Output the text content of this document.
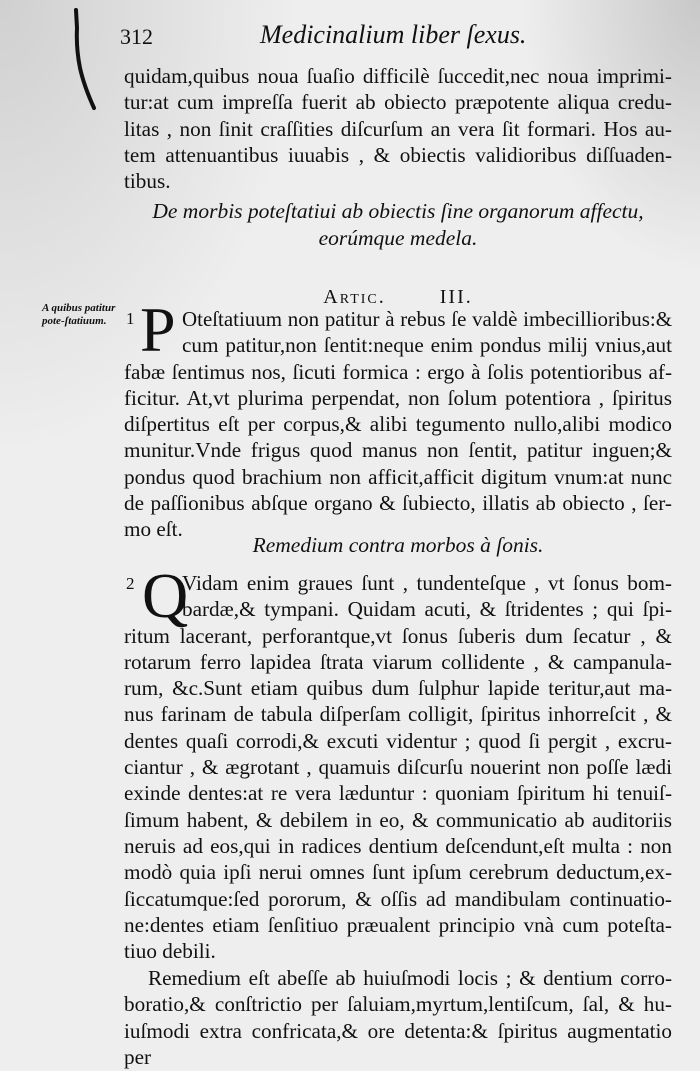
312	Medicinalium liber ſexus.
quidam,quibus noua ſuaſio difficilè ſuccedit,nec noua imprimi-
tur:at cum impreſſa fuerit ab obiecto præpotente aliqua credu-
litas , non ſinit craſſities diſcurſum an vera ſit formari. Hos au-
tem attenuantibus iuuabis , & obiectis validioribus diſſuaden-
tibus.
De morbis poteſtatiui ab obiectis ſine organorum affectu,
eorúmque medela.
Artic.	III.
A quibus patitur pote-ſtatiuum.	1 P Oteſtatiuum non patitur à rebus ſe valdè imbecillioribus:&
cum patitur,non ſentit:neque enim pondus milij vnius,aut
fabæ ſentimus nos, ſicuti formica : ergo à ſolis potentioribus af-
ficitur. At,vt plurima perpendat, non ſolum potentiora , ſpiritus
diſpertitus eſt per corpus,& alibi tegumento nullo,alibi modico
munitur.Vnde frigus quod manus non ſentit, patitur inguen;&
pondus quod brachium non afficit,afficit digitum vnum:at nunc
de paſſionibus abſque organo & ſubiecto, illatis ab obiecto , ſer-
mo eſt.
Remedium contra morbos à ſonis.
2 Q
Vidam enim graues ſunt , tundenteſque , vt ſonus bom-
bardæ,& tympani. Quidam acuti, & ſtridentes ; qui ſpi-
ritum lacerant, perforantque,vt ſonus ſuberis dum ſecatur , &
rotarum ferro lapidea ſtrata viarum collidente , & campanula-
rum, &c.Sunt etiam quibus dum ſulphur lapide teritur,aut ma-
nus farinam de tabula diſperſam colligit, ſpiritus inhorreſcit , &
dentes quaſi corrodi,& excuti videntur ; quod ſi pergit , excru-
ciantur , & ægrotant , quamuis diſcurſu nouerint non poſſe lædi
exinde dentes:at re vera læduntur : quoniam ſpiritum hi tenuiſ-
ſimum habent, & debilem in eo, & communicatio ab auditoriis
neruis ad eos,qui in radices dentium deſcendunt,eſt multa : non
modò quia ipſi nerui omnes ſunt ipſum cerebrum deductum,ex-
ſiccatumque:ſed pororum, & oſſis ad mandibulam continuatio-
ne:dentes etiam ſenſitiuo præualent principio vnà cum poteſta-
tiuo debili.
Remedium eſt abeſſe ab huiuſmodi locis ; & dentium corro-
boratio,& conſtrictio per ſaluiam,myrtum,lentiſcum, ſal, & hu-
iuſmodi extra confricata,& ore detenta:& ſpiritus augmentatio
per
